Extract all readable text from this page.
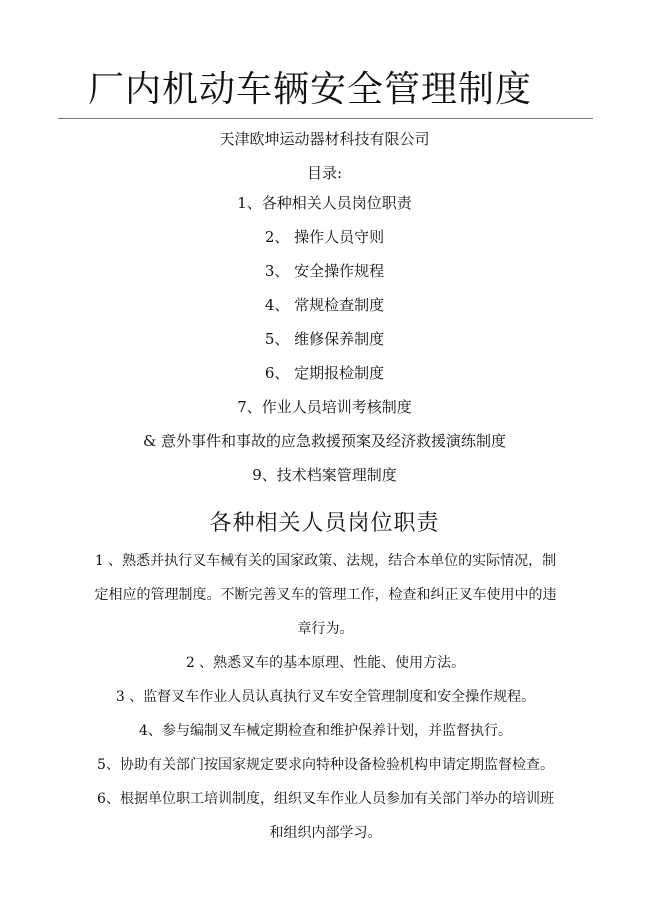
厂内机动车辆安全管理制度
天津欧坤运动器材科技有限公司
目录:
1、各种相关人员岗位职责
2、 操作人员守则
3、 安全操作规程
4、 常规检查制度
5、 维修保养制度
6、 定期报检制度
7、作业人员培训考核制度
& 意外事件和事故的应急救援预案及经济救援演练制度
9、技术档案管理制度
各种相关人员岗位职责
1 、熟悉并执行叉车械有关的国家政策、法规，结合本单位的实际情况，制定相应的管理制度。不断完善叉车的管理工作，检查和纠正叉车使用中的违章行为。
2 、熟悉叉车的基本原理、性能、使用方法。
3 、监督叉车作业人员认真执行叉车安全管理制度和安全操作规程。
4、参与编制叉车械定期检查和维护保养计划，并监督执行。
5、协助有关部门按国家规定要求向特种设备检验机构申请定期监督检查。
6、根据单位职工培训制度，组织叉车作业人员参加有关部门举办的培训班和组织内部学习。
